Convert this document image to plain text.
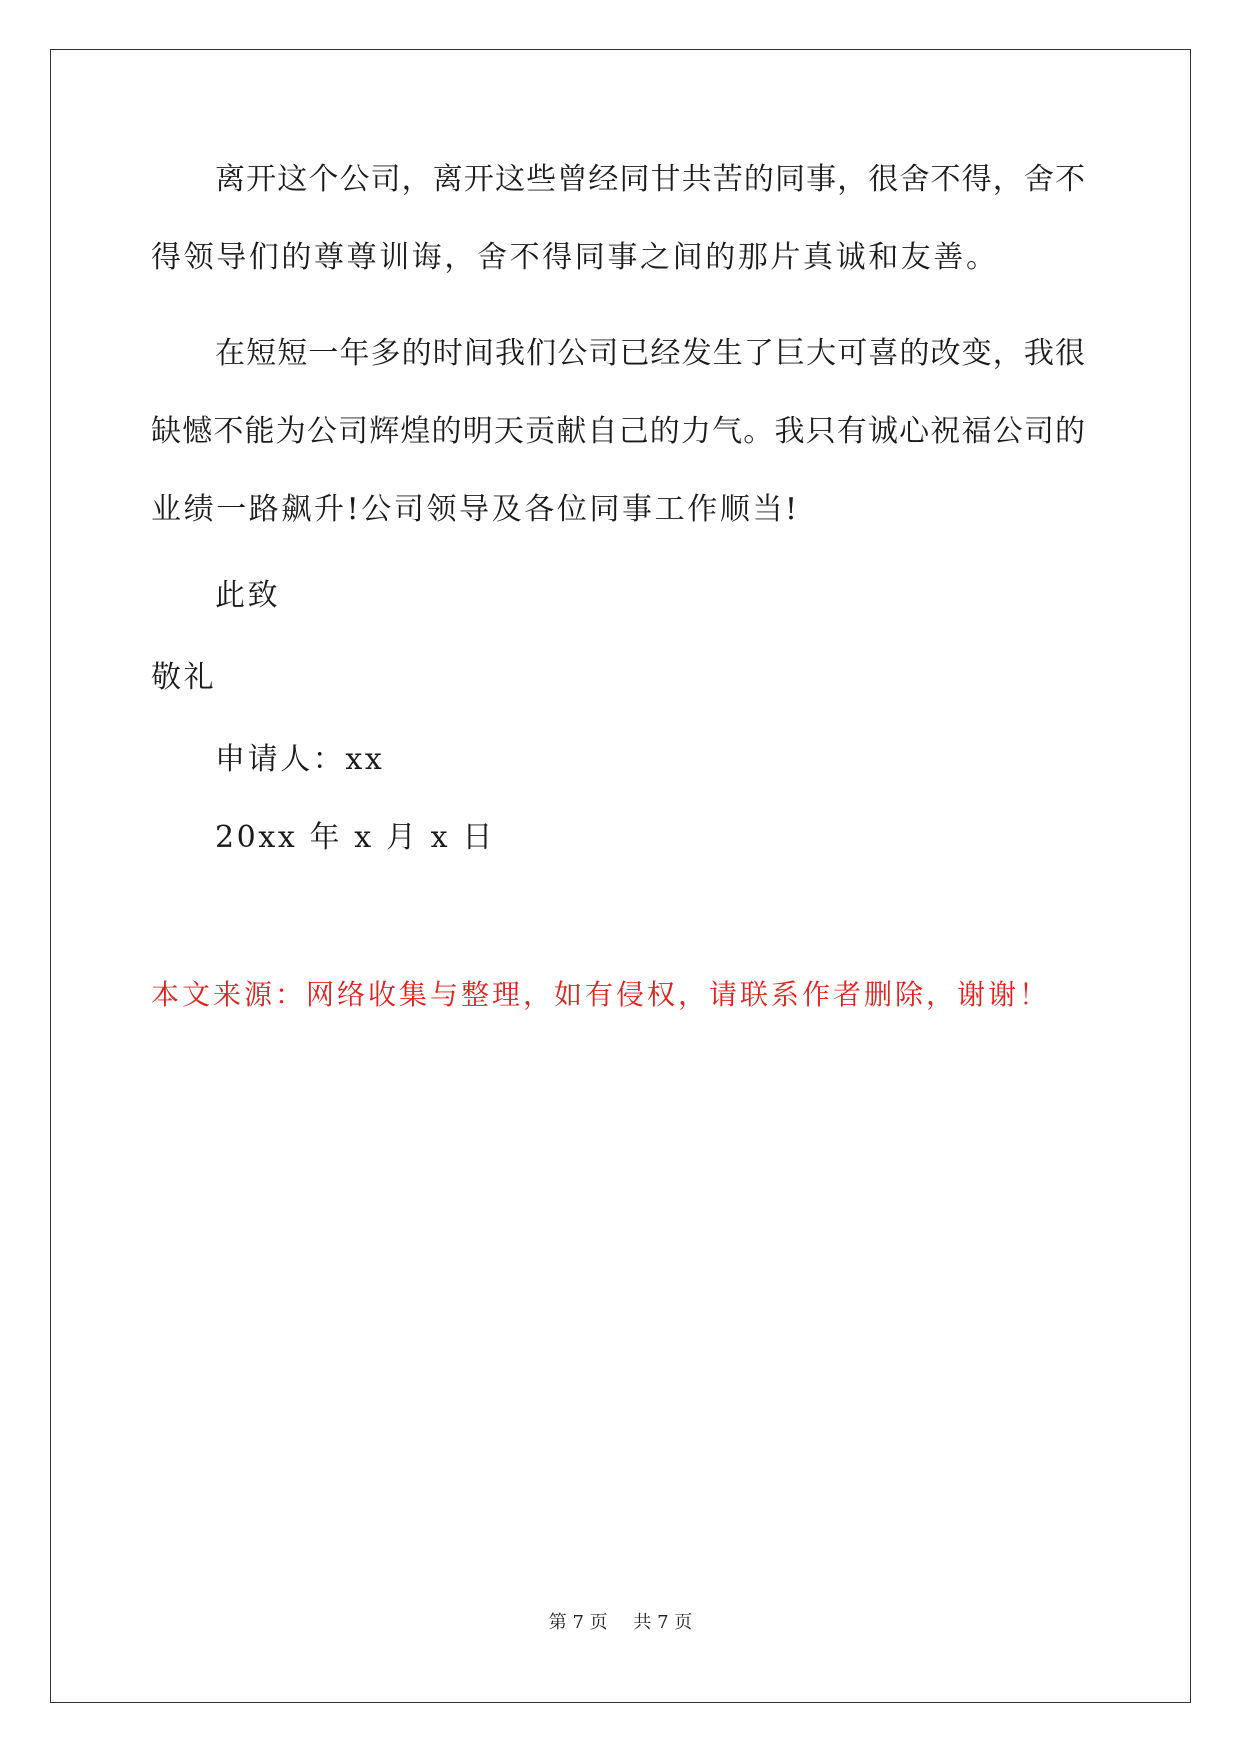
离开这个公司，离开这些曾经同甘共苦的同事，很舍不得，舍不
得领导们的尊尊训诲，舍不得同事之间的那片真诚和友善。
在短短一年多的时间我们公司已经发生了巨大可喜的改变，我很
缺憾不能为公司辉煌的明天贡献自己的力气。我只有诚心祝福公司的
业绩一路飙升!公司领导及各位同事工作顺当!
此致
敬礼
申请人：xx
20xx 年 x 月 x 日
本文来源：网络收集与整理，如有侵权，请联系作者删除，谢谢！
第 7 页 共 7 页
